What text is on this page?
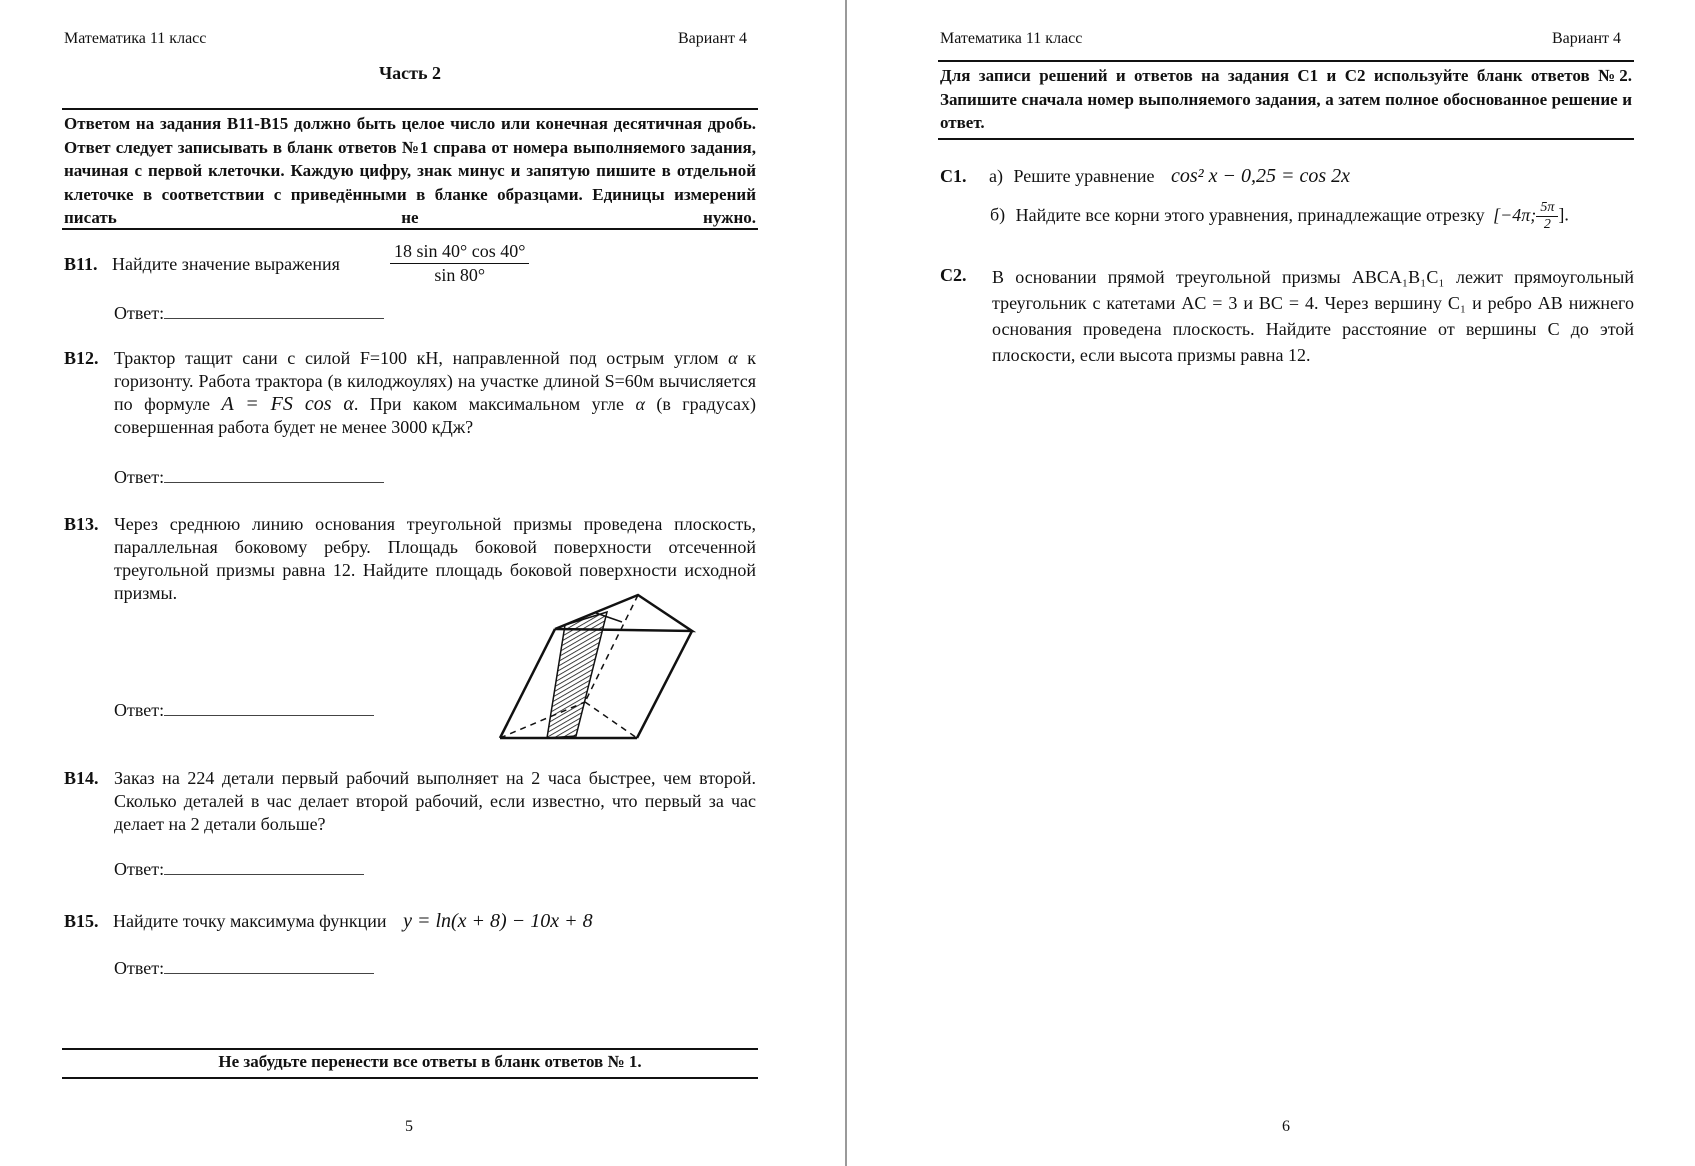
Математика 11 класс	Вариант 4
Часть 2
Ответом на задания В11-В15 должно быть целое число или конечная десятичная дробь. Ответ следует записывать в бланк ответов №1 справа от номера выполняемого задания, начиная с первой клеточки. Каждую цифру, знак минус и запятую пишите в отдельной клеточке в соответствии с приведёнными в бланке образцами. Единицы измерений писать не нужно.
В11. Найдите значение выражения	$\frac{18 \sin 40^\circ \cos 40^\circ}{\sin 80^\circ}$
Ответ:
В12. Трактор тащит сани с силой F=100 кН, направленной под острым углом α к горизонту. Работа трактора (в килоджоулях) на участке длиной S=60м вычисляется по формуле A = FS cos α. При каком максимальном угле α (в градусах) совершенная работа будет не менее 3000 кДж?
Ответ:
В13. Через среднюю линию основания треугольной призмы проведена плоскость, параллельная боковому ребру. Площадь боковой поверхности отсеченной треугольной призмы равна 12. Найдите площадь боковой поверхности исходной призмы.
Ответ:
В14. Заказ на 224 детали первый рабочий выполняет на 2 часа быстрее, чем второй. Сколько деталей в час делает второй рабочий, если известно, что первый за час делает на 2 детали больше?
Ответ:
В15. Найдите точку максимума функции y = ln(x + 8) − 10x + 8
Ответ:
Не забудьте перенести все ответы в бланк ответов № 1.
5
Математика 11 класс	Вариант 4
Для записи решений и ответов на задания С1 и С2 используйте бланк ответов №2. Запишите сначала номер выполняемого задания, а затем полное обоснованное решение и ответ.
С1. а) Решите уравнение cos² x − 0,25 = cos 2x
б) Найдите все корни этого уравнения, принадлежащие отрезку [−4π; $\frac{5\pi}{2}$ ].
С2. В основании прямой треугольной призмы ABCA₁B₁C₁ лежит прямоугольный треугольник с катетами AC = 3 и BC = 4. Через вершину C₁ и ребро AB нижнего основания проведена плоскость. Найдите расстояние от вершины C до этой плоскости, если высота призмы равна 12.
6
